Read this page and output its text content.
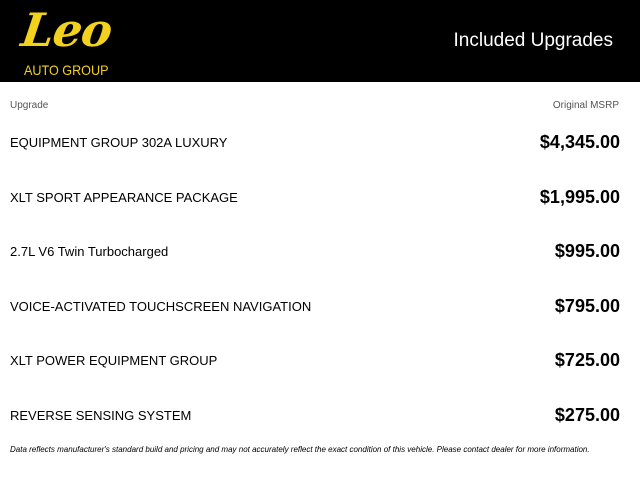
Leo
AUTO GROUP
Included Upgrades
Upgrade	Original MSRP
EQUIPMENT GROUP 302A LUXURY	$4,345.00
XLT SPORT APPEARANCE PACKAGE	$1,995.00
2.7L V6 Twin Turbocharged	$995.00
VOICE-ACTIVATED TOUCHSCREEN NAVIGATION	$795.00
XLT POWER EQUIPMENT GROUP	$725.00
REVERSE SENSING SYSTEM	$275.00
Data reflects manufacturer's standard build and pricing and may not accurately reflect the exact condition of this vehicle. Please contact dealer for more information.
